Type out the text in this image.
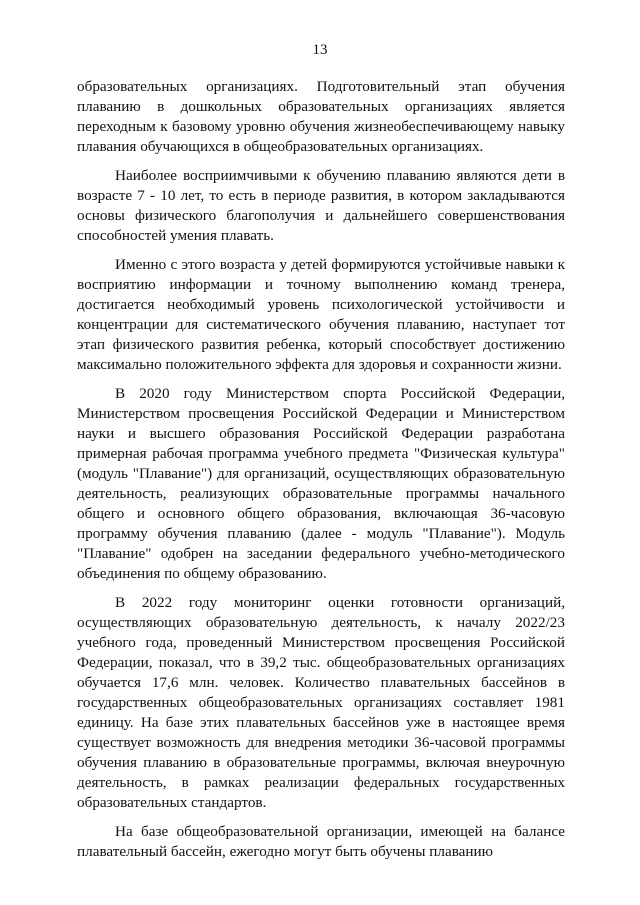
13

образовательных организациях. Подготовительный этап обучения плаванию в дошкольных образовательных организациях является переходным к базовому уровню обучения жизнеобеспечивающему навыку плавания обучающихся в общеобразовательных организациях.

Наиболее восприимчивыми к обучению плаванию являются дети в возрасте 7 - 10 лет, то есть в периоде развития, в котором закладываются основы физического благополучия и дальнейшего совершенствования способностей умения плавать.

Именно с этого возраста у детей формируются устойчивые навыки к восприятию информации и точному выполнению команд тренера, достигается необходимый уровень психологической устойчивости и концентрации для систематического обучения плаванию, наступает тот этап физического развития ребенка, который способствует достижению максимально положительного эффекта для здоровья и сохранности жизни.

В 2020 году Министерством спорта Российской Федерации, Министерством просвещения Российской Федерации и Министерством науки и высшего образования Российской Федерации разработана примерная рабочая программа учебного предмета "Физическая культура" (модуль "Плавание") для организаций, осуществляющих образовательную деятельность, реализующих образовательные программы начального общего и основного общего образования, включающая 36-часовую программу обучения плаванию (далее - модуль "Плавание"). Модуль "Плавание" одобрен на заседании федерального учебно-методического объединения по общему образованию.

В 2022 году мониторинг оценки готовности организаций, осуществляющих образовательную деятельность, к началу 2022/23 учебного года, проведенный Министерством просвещения Российской Федерации, показал, что в 39,2 тыс. общеобразовательных организациях обучается 17,6 млн. человек. Количество плавательных бассейнов в государственных общеобразовательных организациях составляет 1981 единицу. На базе этих плавательных бассейнов уже в настоящее время существует возможность для внедрения методики 36-часовой программы обучения плаванию в образовательные программы, включая внеурочную деятельность, в рамках реализации федеральных государственных образовательных стандартов.

На базе общеобразовательной организации, имеющей на балансе плавательный бассейн, ежегодно могут быть обучены плаванию
